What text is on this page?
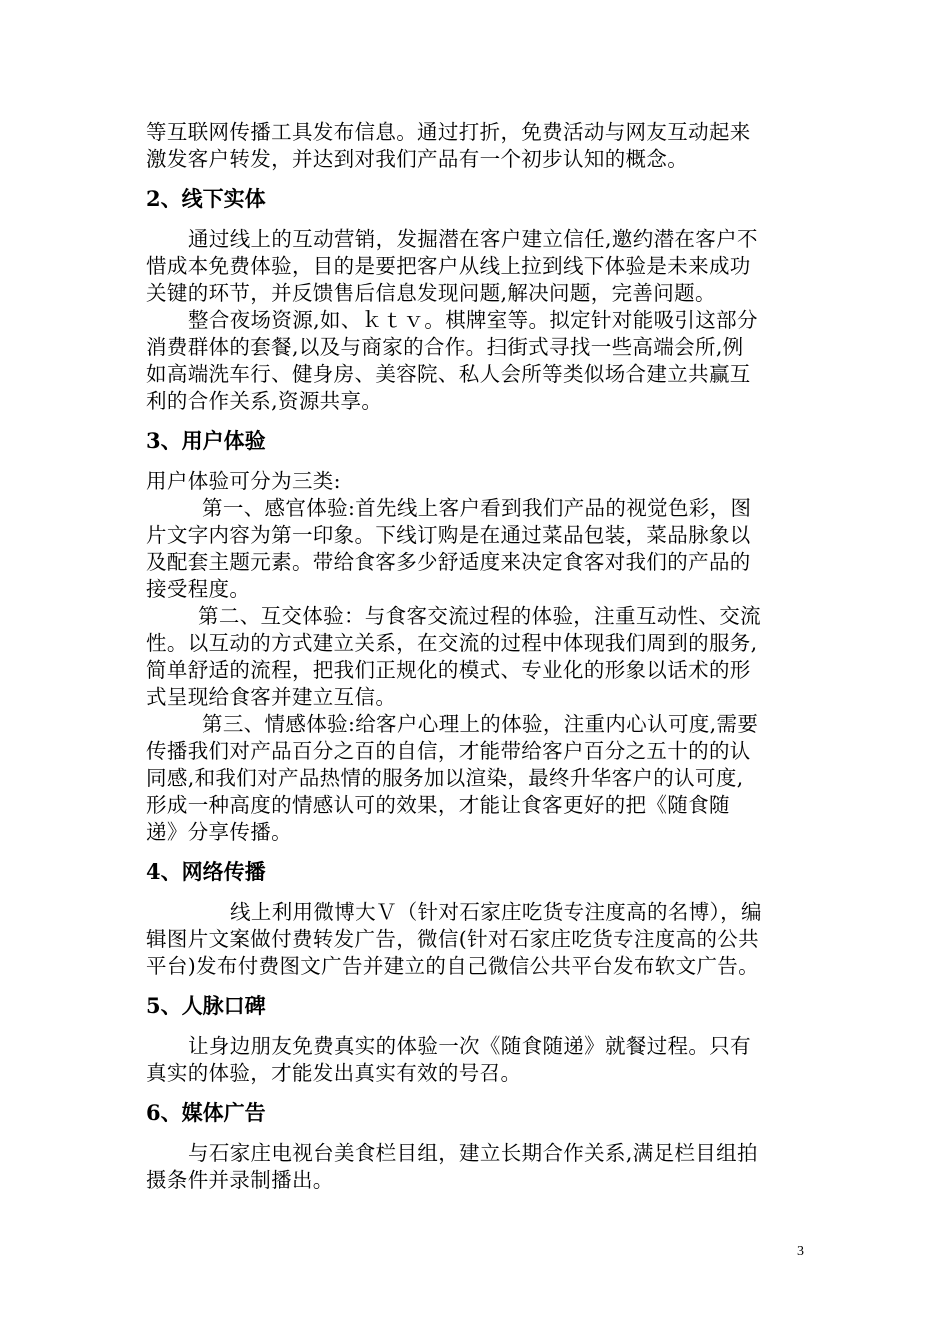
等互联网传播工具发布信息。通过打折，免费活动与网友互动起来
激发客户转发，并达到对我们产品有一个初步认知的概念。
2、线下实体
通过线上的互动营销，发掘潜在客户建立信任,邀约潜在客户不
惜成本免费体验，目的是要把客户从线上拉到线下体验是未来成功
关键的环节，并反馈售后信息发现问题,解决问题，完善问题。
整合夜场资源,如、ｋｔｖ。棋牌室等。拟定针对能吸引这部分
消费群体的套餐,以及与商家的合作。扫街式寻找一些高端会所,例
如高端洗车行、健身房、美容院、私人会所等类似场合建立共赢互
利的合作关系,资源共享。
3、用户体验
用户体验可分为三类:
第一、感官体验:首先线上客户看到我们产品的视觉色彩，图
片文字内容为第一印象。下线订购是在通过菜品包装，菜品脉象以
及配套主题元素。带给食客多少舒适度来决定食客对我们的产品的
接受程度。
第二、互交体验：与食客交流过程的体验，注重互动性、交流
性。以互动的方式建立关系，在交流的过程中体现我们周到的服务,
简单舒适的流程，把我们正规化的模式、专业化的形象以话术的形
式呈现给食客并建立互信。
第三、情感体验:给客户心理上的体验，注重内心认可度,需要
传播我们对产品百分之百的自信，才能带给客户百分之五十的的认
同感,和我们对产品热情的服务加以渲染，最终升华客户的认可度,
形成一种高度的情感认可的效果，才能让食客更好的把《随食随
递》分享传播。
4、网络传播
线上利用微博大Ｖ（针对石家庄吃货专注度高的名博），编
辑图片文案做付费转发广告，微信(针对石家庄吃货专注度高的公共
平台)发布付费图文广告并建立的自己微信公共平台发布软文广告。
5、人脉口碑
让身边朋友免费真实的体验一次《随食随递》就餐过程。只有
真实的体验，才能发出真实有效的号召。
6、媒体广告
与石家庄电视台美食栏目组，建立长期合作关系,满足栏目组拍
摄条件并录制播出。
3
